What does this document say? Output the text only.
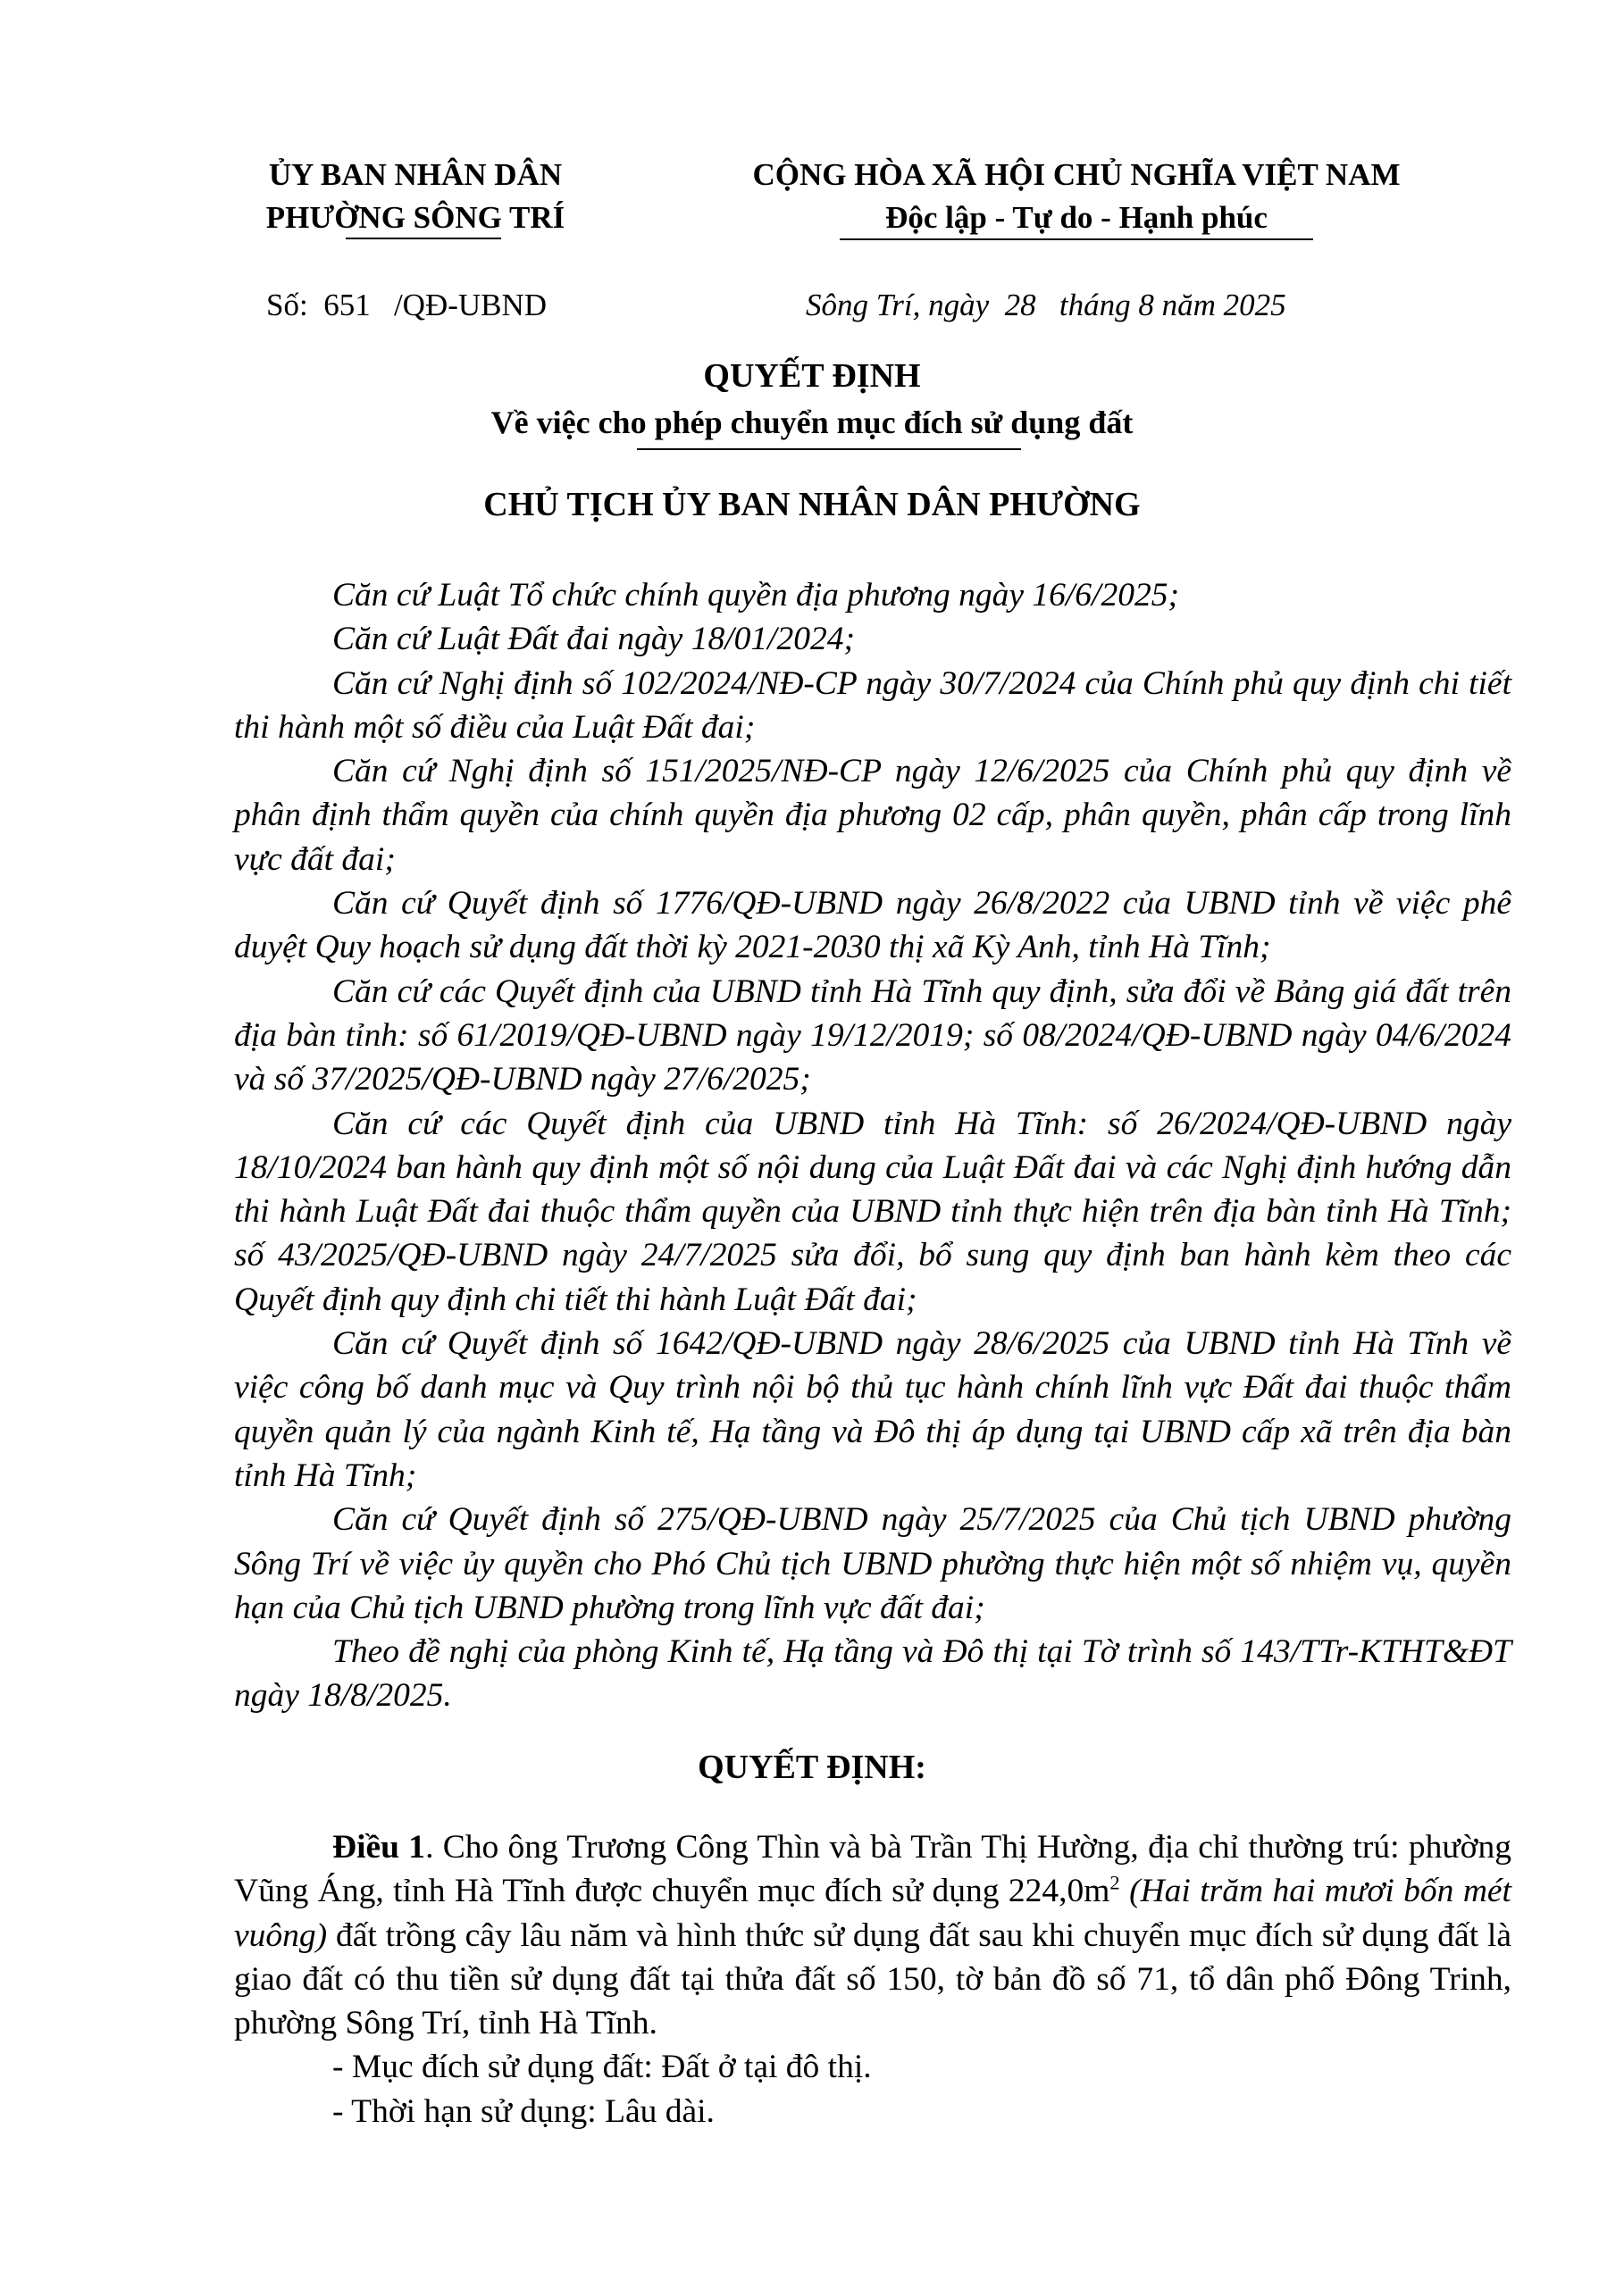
ỦY BAN NHÂN DÂN
PHƯỜNG SÔNG TRÍ
CỘNG HÒA XÃ HỘI CHỦ NGHĨA VIỆT NAM
Độc lập - Tự do - Hạnh phúc
Số:  651   /QĐ-UBND	Sông Trí, ngày  28   tháng 8 năm 2025
QUYẾT ĐỊNH
Về việc cho phép chuyển mục đích sử dụng đất
CHỦ TỊCH ỦY BAN NHÂN DÂN PHƯỜNG

Căn cứ Luật Tổ chức chính quyền địa phương ngày 16/6/2025;

Căn cứ Luật Đất đai ngày 18/01/2024;

Căn cứ Nghị định số 102/2024/NĐ-CP ngày 30/7/2024 của Chính phủ quy định chi tiết thi hành một số điều của Luật Đất đai;

Căn cứ Nghị định số 151/2025/NĐ-CP ngày 12/6/2025 của Chính phủ quy định về phân định thẩm quyền của chính quyền địa phương 02 cấp, phân quyền, phân cấp trong lĩnh vực đất đai;

Căn cứ Quyết định số 1776/QĐ-UBND ngày 26/8/2022 của UBND tỉnh về việc phê duyệt Quy hoạch sử dụng đất thời kỳ 2021-2030 thị xã Kỳ Anh, tỉnh Hà Tĩnh;

Căn cứ các Quyết định của UBND tỉnh Hà Tĩnh quy định, sửa đổi về Bảng giá đất trên địa bàn tỉnh: số 61/2019/QĐ-UBND ngày 19/12/2019; số 08/2024/QĐ-UBND ngày 04/6/2024 và số 37/2025/QĐ-UBND ngày 27/6/2025;

Căn cứ các Quyết định của UBND tỉnh Hà Tĩnh: số 26/2024/QĐ-UBND ngày 18/10/2024 ban hành quy định một số nội dung của Luật Đất đai và các Nghị định hướng dẫn thi hành Luật Đất đai thuộc thẩm quyền của UBND tỉnh thực hiện trên địa bàn tỉnh Hà Tĩnh; số 43/2025/QĐ-UBND ngày 24/7/2025 sửa đổi, bổ sung quy định ban hành kèm theo các Quyết định quy định chi tiết thi hành Luật Đất đai;

Căn cứ Quyết định số 1642/QĐ-UBND ngày 28/6/2025 của UBND tỉnh Hà Tĩnh về việc công bố danh mục và Quy trình nội bộ thủ tục hành chính lĩnh vực Đất đai thuộc thẩm quyền quản lý của ngành Kinh tế, Hạ tầng và Đô thị áp dụng tại UBND cấp xã trên địa bàn tỉnh Hà Tĩnh;

Căn cứ Quyết định số 275/QĐ-UBND ngày 25/7/2025 của Chủ tịch UBND phường Sông Trí về việc ủy quyền cho Phó Chủ tịch UBND phường thực hiện một số nhiệm vụ, quyền hạn của Chủ tịch UBND phường trong lĩnh vực đất đai;

Theo đề nghị của phòng Kinh tế, Hạ tầng và Đô thị tại Tờ trình số 143/TTr-KTHT&ĐT ngày 18/8/2025.

QUYẾT ĐỊNH:

Điều 1. Cho ông Trương Công Thìn và bà Trần Thị Hường, địa chỉ thường trú: phường Vũng Áng, tỉnh Hà Tĩnh được chuyển mục đích sử dụng $224,0m^2$ (Hai trăm hai mươi bốn mét vuông) đất trồng cây lâu năm và hình thức sử dụng đất sau khi chuyển mục đích sử dụng đất là giao đất có thu tiền sử dụng đất tại thửa đất số 150, tờ bản đồ số 71, tổ dân phố Đông Trinh, phường Sông Trí, tỉnh Hà Tĩnh.

- Mục đích sử dụng đất: Đất ở tại đô thị.

- Thời hạn sử dụng: Lâu dài.
